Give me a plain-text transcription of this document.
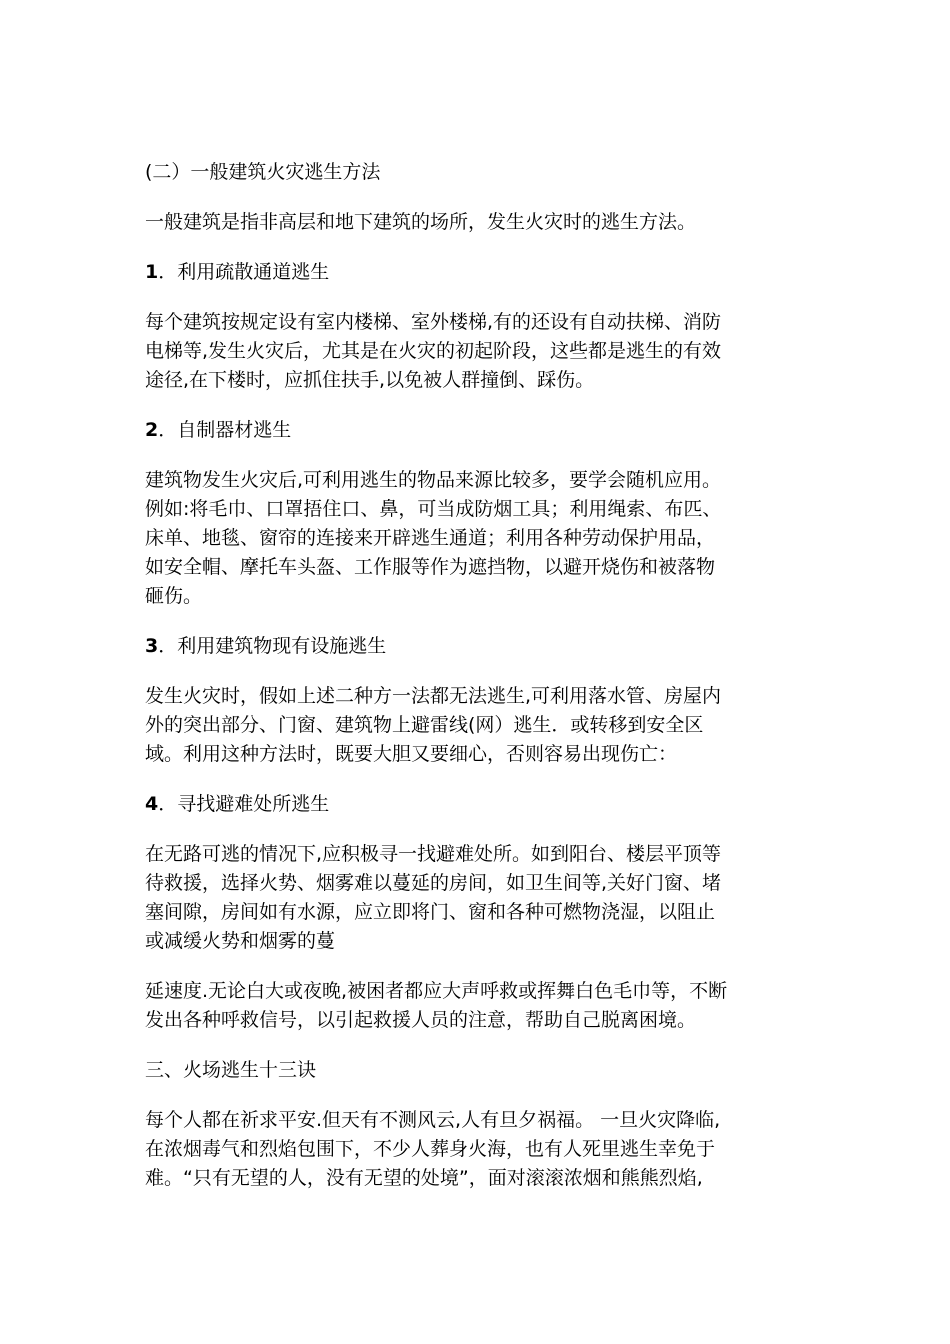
(二）一般建筑火灾逃生方法
一般建筑是指非高层和地下建筑的场所，发生火灾时的逃生方法。
1．利用疏散通道逃生
每个建筑按规定设有室内楼梯、室外楼梯,有的还设有自动扶梯、消防
电梯等,发生火灾后，尤其是在火灾的初起阶段，这些都是逃生的有效
途径,在下楼时，应抓住扶手,以免被人群撞倒、踩伤。
2．自制器材逃生
建筑物发生火灾后,可利用逃生的物品来源比较多，要学会随机应用。
例如:将毛巾、口罩捂住口、鼻，可当成防烟工具；利用绳索、布匹、
床单、地毯、窗帘的连接来开辟逃生通道；利用各种劳动保护用品，
如安全帽、摩托车头盔、工作服等作为遮挡物，以避开烧伤和被落物
砸伤。
3．利用建筑物现有设施逃生
发生火灾时，假如上述二种方一法都无法逃生,可利用落水管、房屋内
外的突出部分、门窗、建筑物上避雷线(网）逃生．或转移到安全区
域。利用这种方法时，既要大胆又要细心，否则容易出现伤亡：
4．寻找避难处所逃生
在无路可逃的情况下,应积极寻一找避难处所。如到阳台、楼层平顶等
待救援，选择火势、烟雾难以蔓延的房间，如卫生间等,关好门窗、堵
塞间隙，房间如有水源，应立即将门、窗和各种可燃物浇湿，以阻止
或减缓火势和烟雾的蔓
延速度.无论白大或夜晚,被困者都应大声呼救或挥舞白色毛巾等，不断
发出各种呼救信号，以引起救援人员的注意，帮助自己脱离困境。
三、火场逃生十三诀
每个人都在祈求平安.但天有不测风云,人有旦夕祸福。 一旦火灾降临,
在浓烟毒气和烈焰包围下，不少人葬身火海，也有人死里逃生幸免于
难。“只有无望的人，没有无望的处境”，面对滚滚浓烟和熊熊烈焰,
